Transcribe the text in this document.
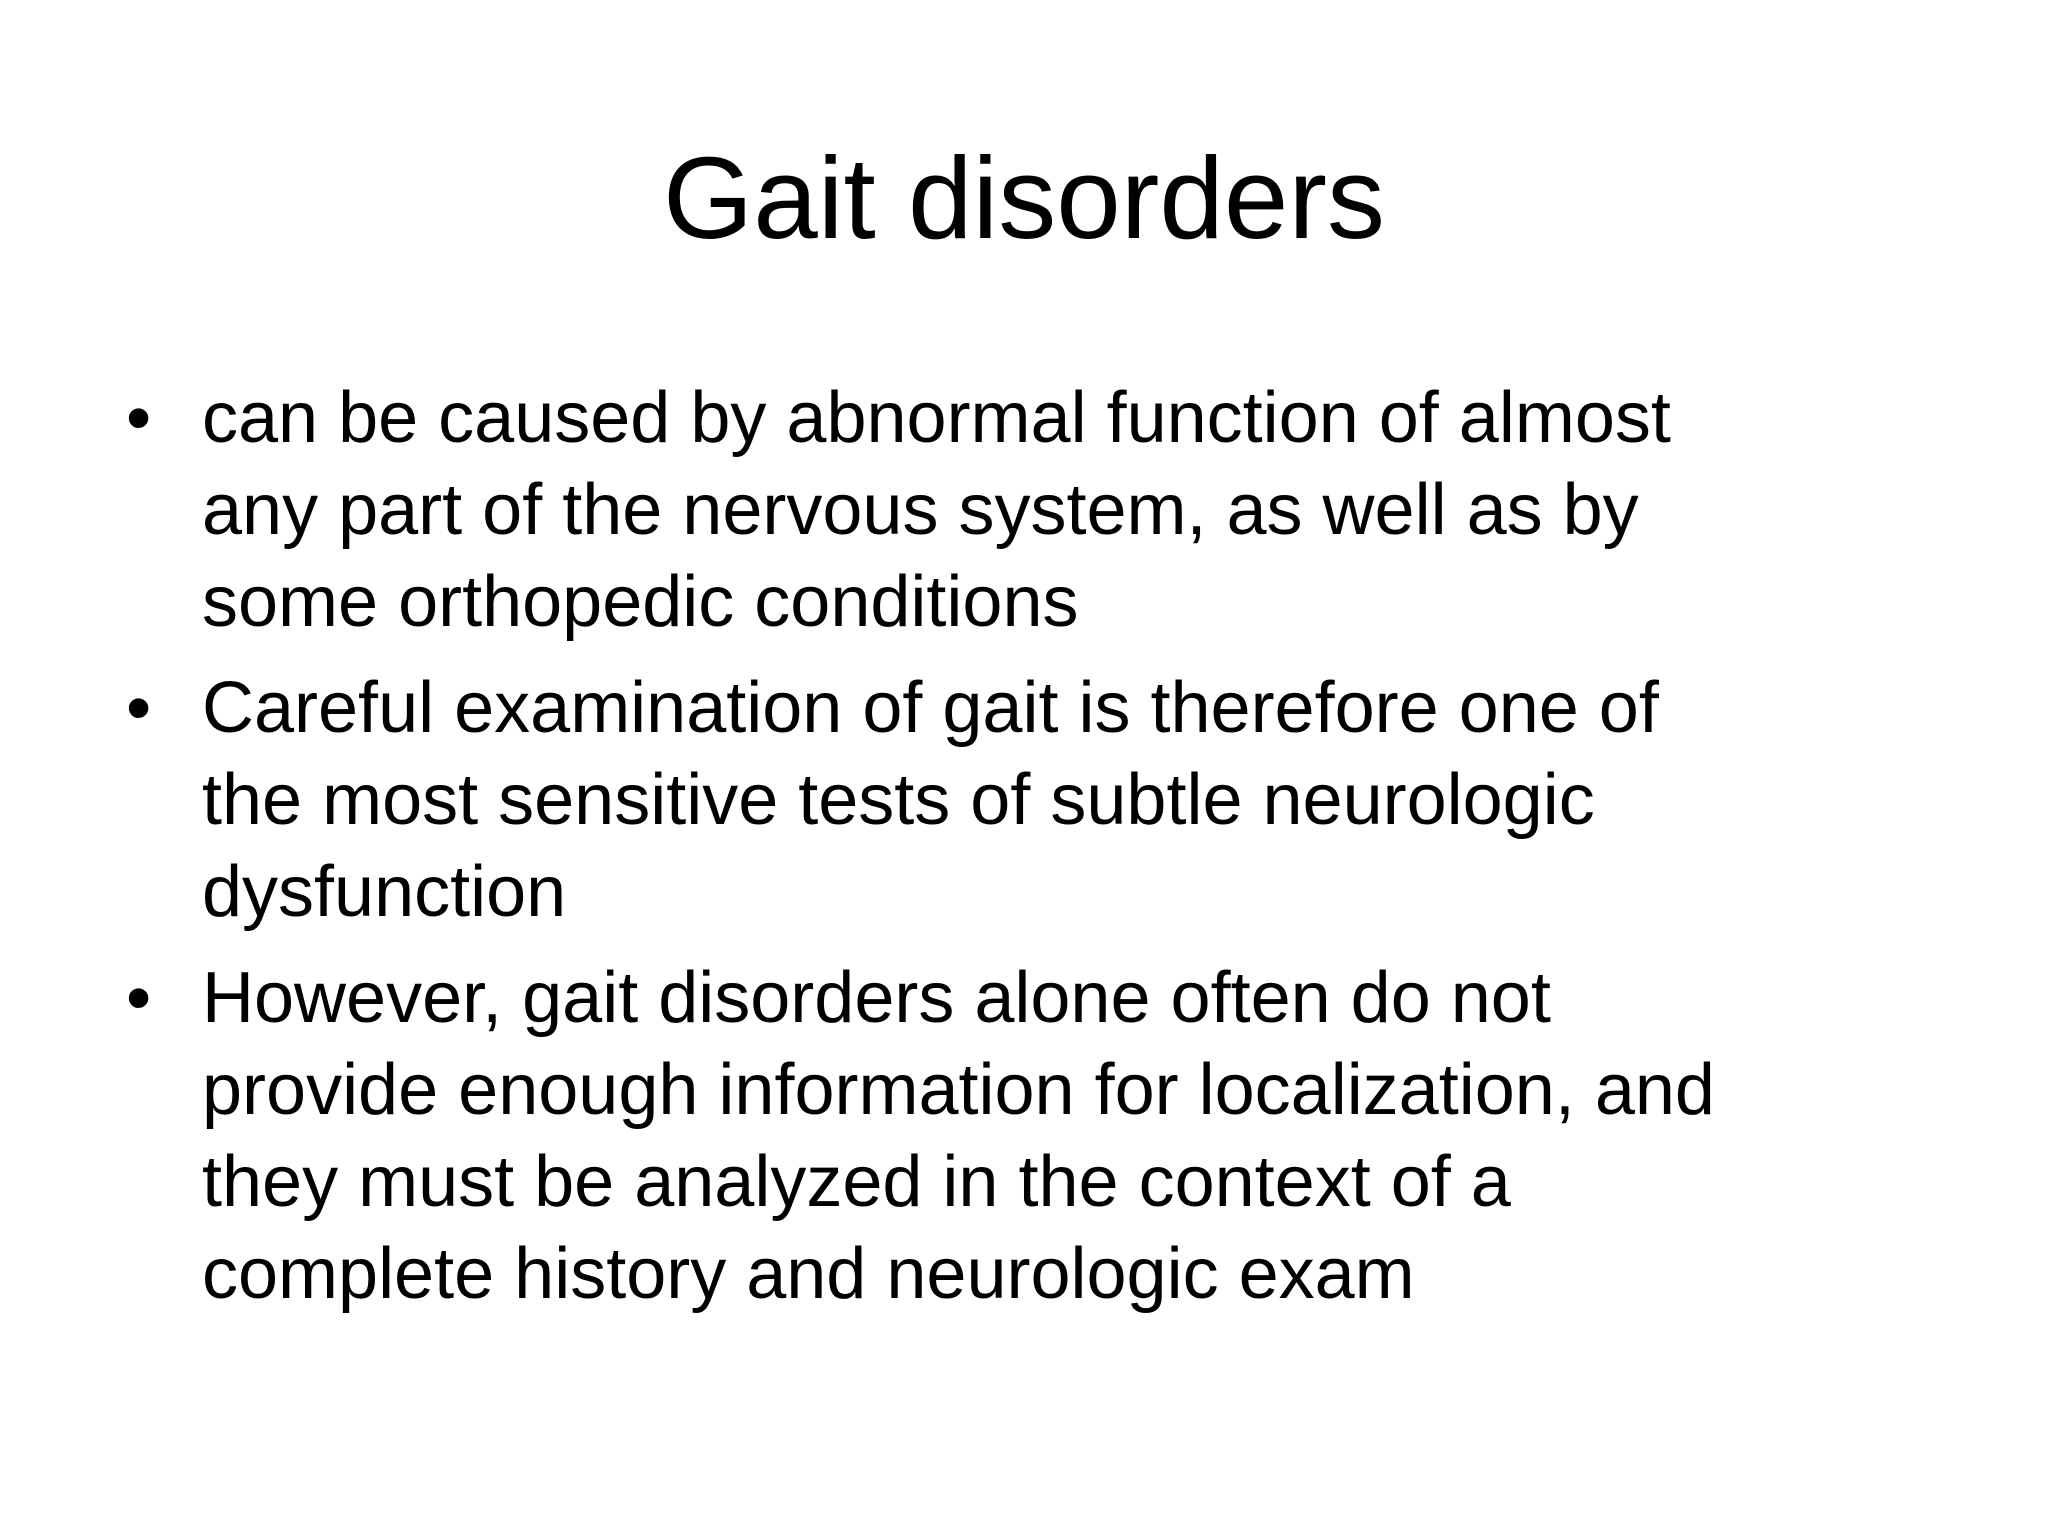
Gait disorders
• can be caused by abnormal function of almost
any part of the nervous system, as well as by
some orthopedic conditions
• Careful examination of gait is therefore one of
the most sensitive tests of subtle neurologic
dysfunction
• However, gait disorders alone often do not
provide enough information for localization, and
they must be analyzed in the context of a
complete history and neurologic exam
